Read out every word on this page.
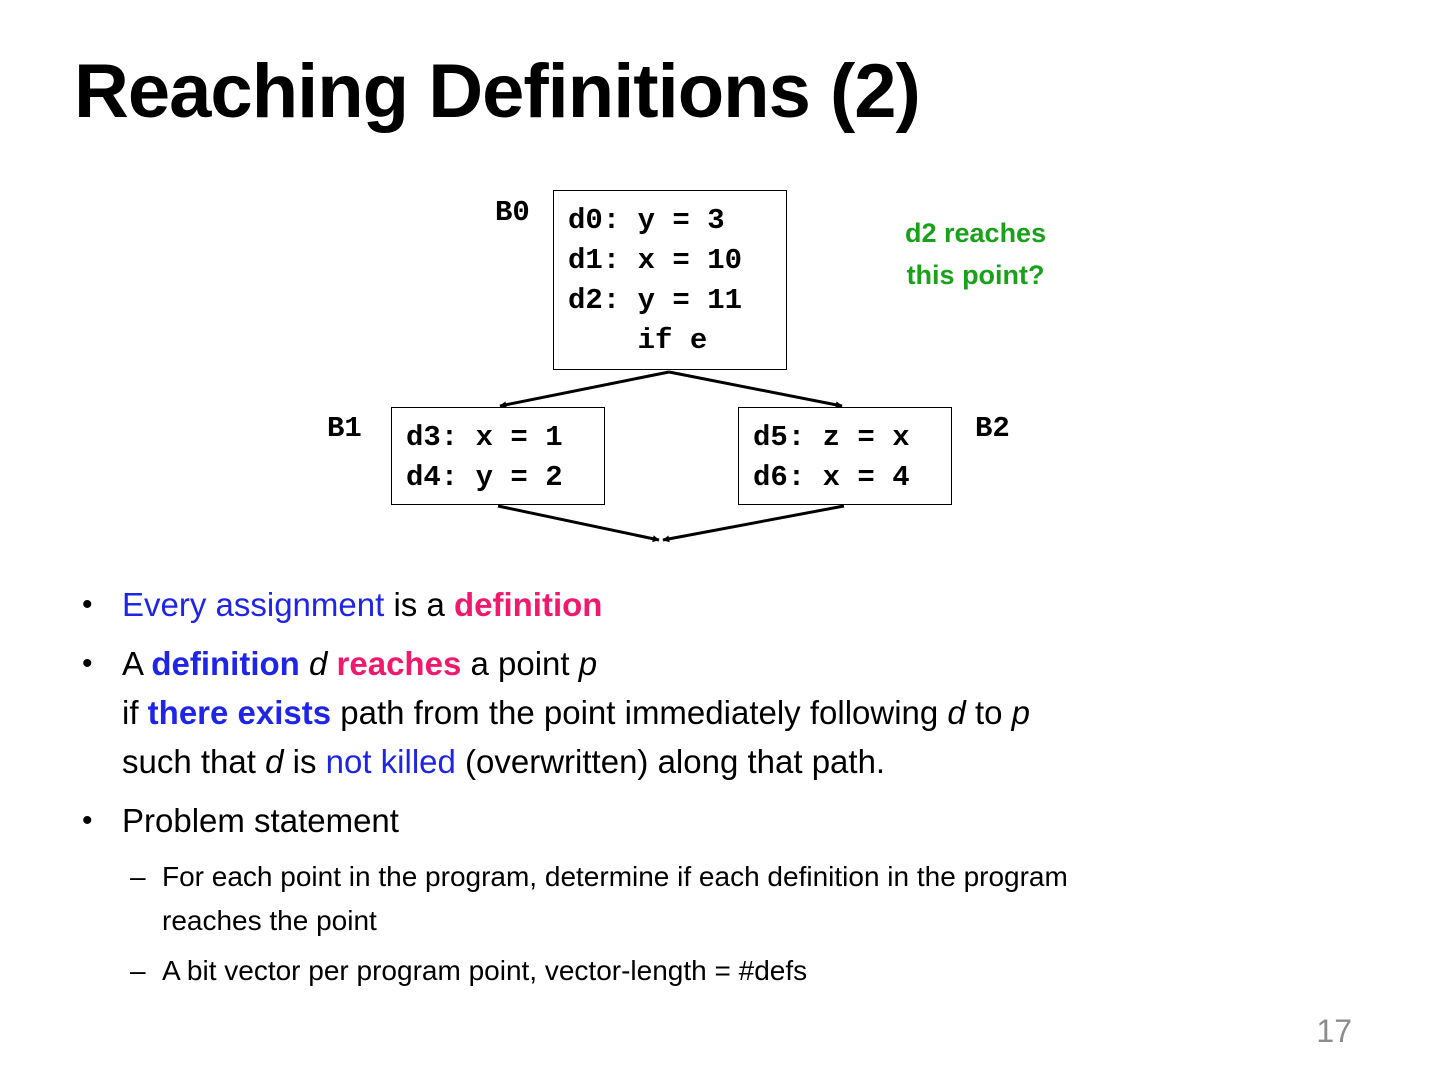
Reaching Definitions (2)
B0 d0: y = 3
d1: x = 10
d2: y = 11
if e
d2 reaches
this point?
B1 d3: x = 1
d4: y = 2
B2
d5: z = x
d6: x = 4
• Every assignment is a definition
• A definition d reaches a point p
if there exists path from the point immediately following d to p
such that d is not killed (overwritten) along that path.
• Problem statement
– For each point in the program, determine if each definition in the program
reaches the point
– A bit vector per program point, vector-length = #defs
17
